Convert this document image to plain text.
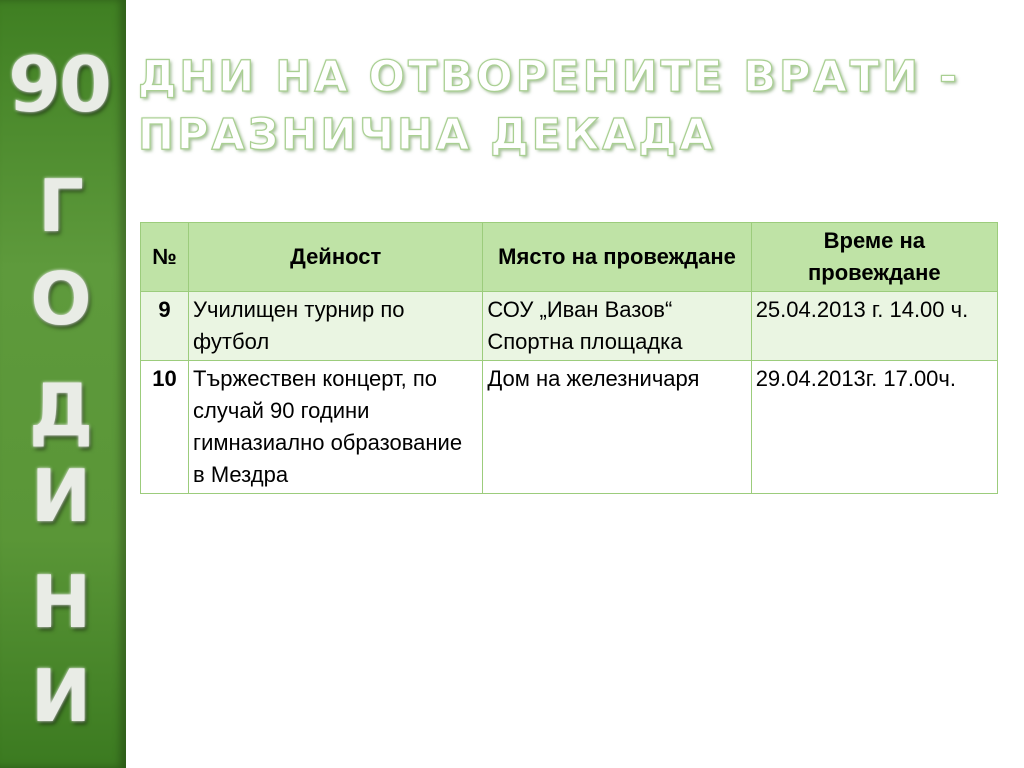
90
Г
О
Д
И
Н
И
ДНИ НА ОТВОРЕНИТЕ ВРАТИ -
ПРАЗНИЧНА ДЕКАДА
№	Дейност	Място на провеждане	Време на провеждане
9	Училищен турнир по футбол	СОУ „Иван Вазов“ Спортна площадка	25.04.2013 г. 14.00 ч.
10	Тържествен концерт, по случай 90 години гимназиално образование в Мездра	Дом на железничаря	29.04.2013г. 17.00ч.
